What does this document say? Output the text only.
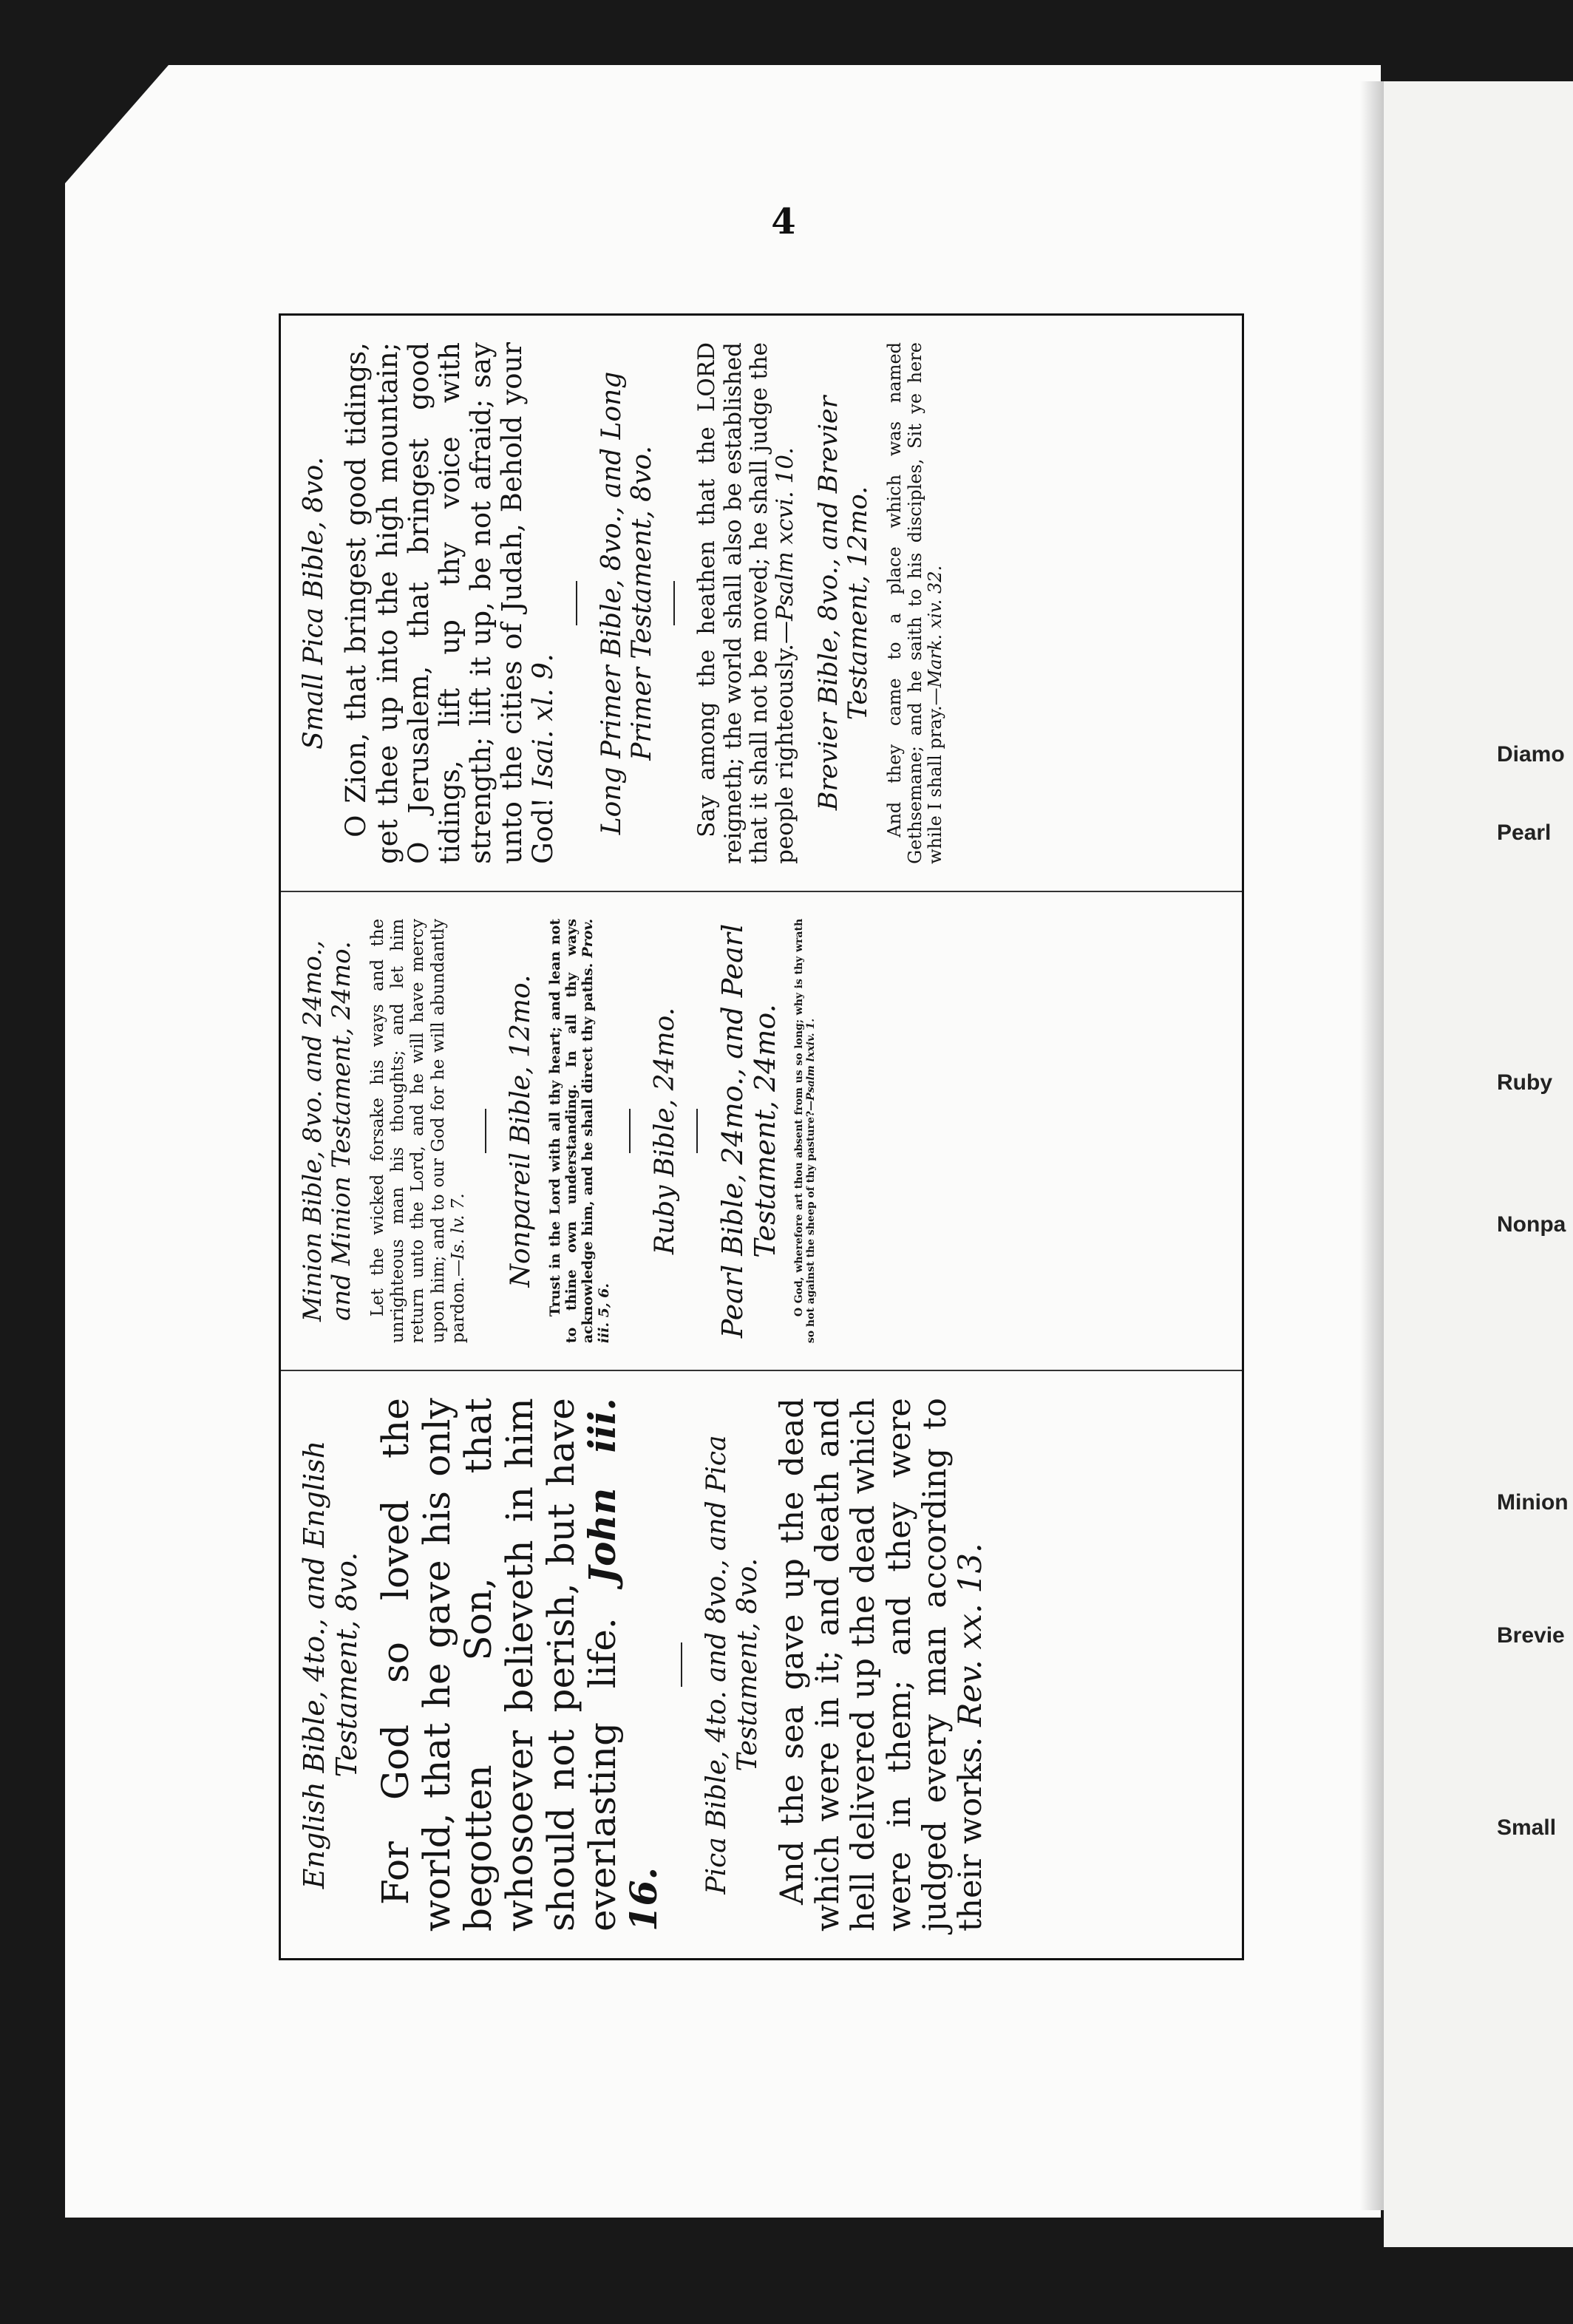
4
Diamo
Pearl
Ruby
Nonpa
Minion
Brevie
Small
English Bible, 4to., and English Testament, 8vo. For God so loved the world, that he gave his only begotten Son, that whosoever believeth in him should not perish, but have everlasting life. John iii. 16.

Pica Bible, 4to. and 8vo., and Pica Testament, 8vo. And the sea gave up the dead which were in it; and death and hell delivered up the dead which were in them; and they were judged every man according to their works. Rev. xx. 13.

Minion Bible, 8vo. and 24mo., and Minion Testament, 24mo. Let the wicked forsake his ways and the unrighteous man his thoughts; and let him return unto the Lord, and he will have mercy upon him; and to our God for he will abundantly pardon.—Is. lv. 7. Nonpareil Bible, 12mo. Trust in the Lord with all thy heart; and lean not to thine own understanding. In all thy ways acknowledge him, and he shall direct thy paths. Prov. iii. 5, 6.

Ruby Bible, 24mo. Pearl Bible, 24mo., and Pearl Testament, 24mo. O God, wherefore art thou absent from us so long; why is thy wrath so hot against the sheep of thy pasture?—Psalm lxxiv. 1.

Small Pica Bible, 8vo. O Zion, that bringest good tidings, get thee up into the high mountain; O Jerusalem, that bringest good tidings, lift up thy voice with strength; lift it up, be not afraid; say unto the cities of Judah, Behold your God! Isai. xl. 9. Long Primer Bible, 8vo., and Long Primer Testament, 8vo. Say among the heathen that the LORD reigneth; the world shall also be established that it shall not be moved; he shall judge the people righteously.—Psalm xcvi. 10. Brevier Bible, 8vo., and Brevier Testament, 12mo. And they came to a place which was named Gethsemane; and he saith to his disciples, Sit ye here while I shall pray.—Mark. xiv. 32.
